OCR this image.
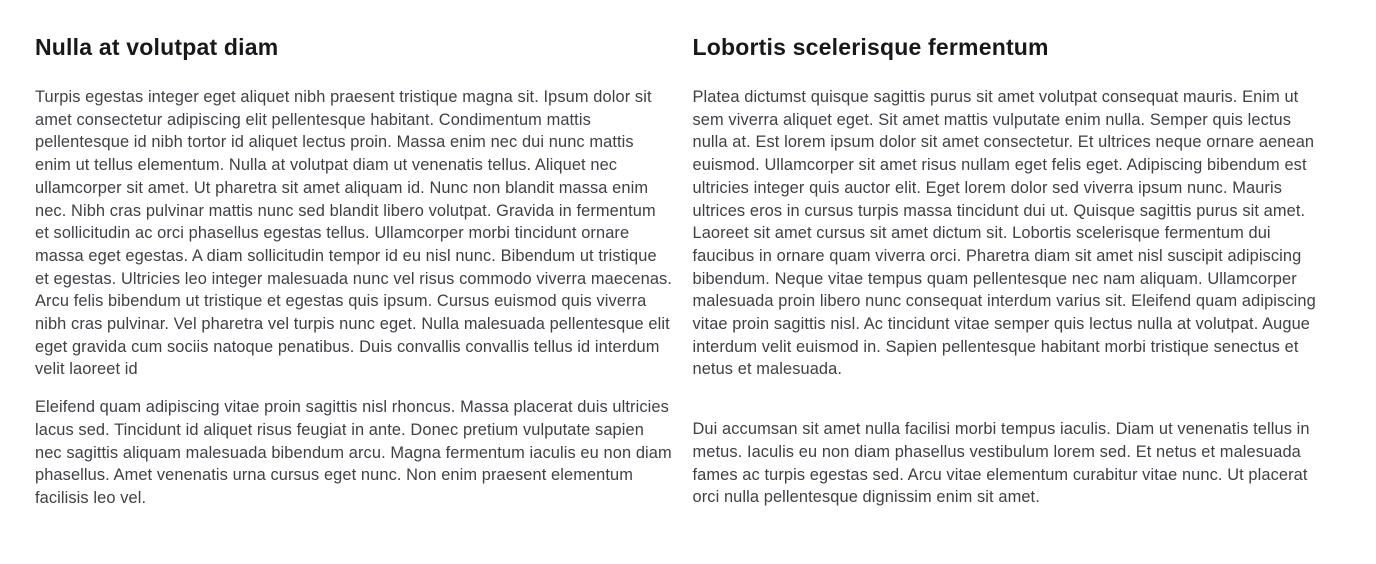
Nulla at volutpat diam

Turpis egestas integer eget aliquet nibh praesent tristique magna sit. Ipsum dolor sit amet consectetur adipiscing elit pellentesque habitant. Condimentum mattis pellentesque id nibh tortor id aliquet lectus proin. Massa enim nec dui nunc mattis enim ut tellus elementum. Nulla at volutpat diam ut venenatis tellus. Aliquet nec ullamcorper sit amet. Ut pharetra sit amet aliquam id. Nunc non blandit massa enim nec. Nibh cras pulvinar mattis nunc sed blandit libero volutpat. Gravida in fermentum et sollicitudin ac orci phasellus egestas tellus. Ullamcorper morbi tincidunt ornare massa eget egestas. A diam sollicitudin tempor id eu nisl nunc. Bibendum ut tristique et egestas. Ultricies leo integer malesuada nunc vel risus commodo viverra maecenas. Arcu felis bibendum ut tristique et egestas quis ipsum. Cursus euismod quis viverra nibh cras pulvinar. Vel pharetra vel turpis nunc eget. Nulla malesuada pellentesque elit eget gravida cum sociis natoque penatibus. Duis convallis convallis tellus id interdum velit laoreet id

Eleifend quam adipiscing vitae proin sagittis nisl rhoncus. Massa placerat duis ultricies lacus sed. Tincidunt id aliquet risus feugiat in ante. Donec pretium vulputate sapien nec sagittis aliquam malesuada bibendum arcu. Magna fermentum iaculis eu non diam phasellus. Amet venenatis urna cursus eget nunc. Non enim praesent elementum facilisis leo vel.

Lobortis scelerisque fermentum

Platea dictumst quisque sagittis purus sit amet volutpat consequat mauris. Enim ut sem viverra aliquet eget. Sit amet mattis vulputate enim nulla. Semper quis lectus nulla at. Est lorem ipsum dolor sit amet consectetur. Et ultrices neque ornare aenean euismod. Ullamcorper sit amet risus nullam eget felis eget. Adipiscing bibendum est ultricies integer quis auctor elit. Eget lorem dolor sed viverra ipsum nunc. Mauris ultrices eros in cursus turpis massa tincidunt dui ut. Quisque sagittis purus sit amet. Laoreet sit amet cursus sit amet dictum sit. Lobortis scelerisque fermentum dui faucibus in ornare quam viverra orci. Pharetra diam sit amet nisl suscipit adipiscing bibendum. Neque vitae tempus quam pellentesque nec nam aliquam. Ullamcorper malesuada proin libero nunc consequat interdum varius sit. Eleifend quam adipiscing vitae proin sagittis nisl. Ac tincidunt vitae semper quis lectus nulla at volutpat. Augue interdum velit euismod in. Sapien pellentesque habitant morbi tristique senectus et netus et malesuada.

Dui accumsan sit amet nulla facilisi morbi tempus iaculis. Diam ut venenatis tellus in metus. Iaculis eu non diam phasellus vestibulum lorem sed. Et netus et malesuada fames ac turpis egestas sed. Arcu vitae elementum curabitur vitae nunc. Ut placerat orci nulla pellentesque dignissim enim sit amet.
